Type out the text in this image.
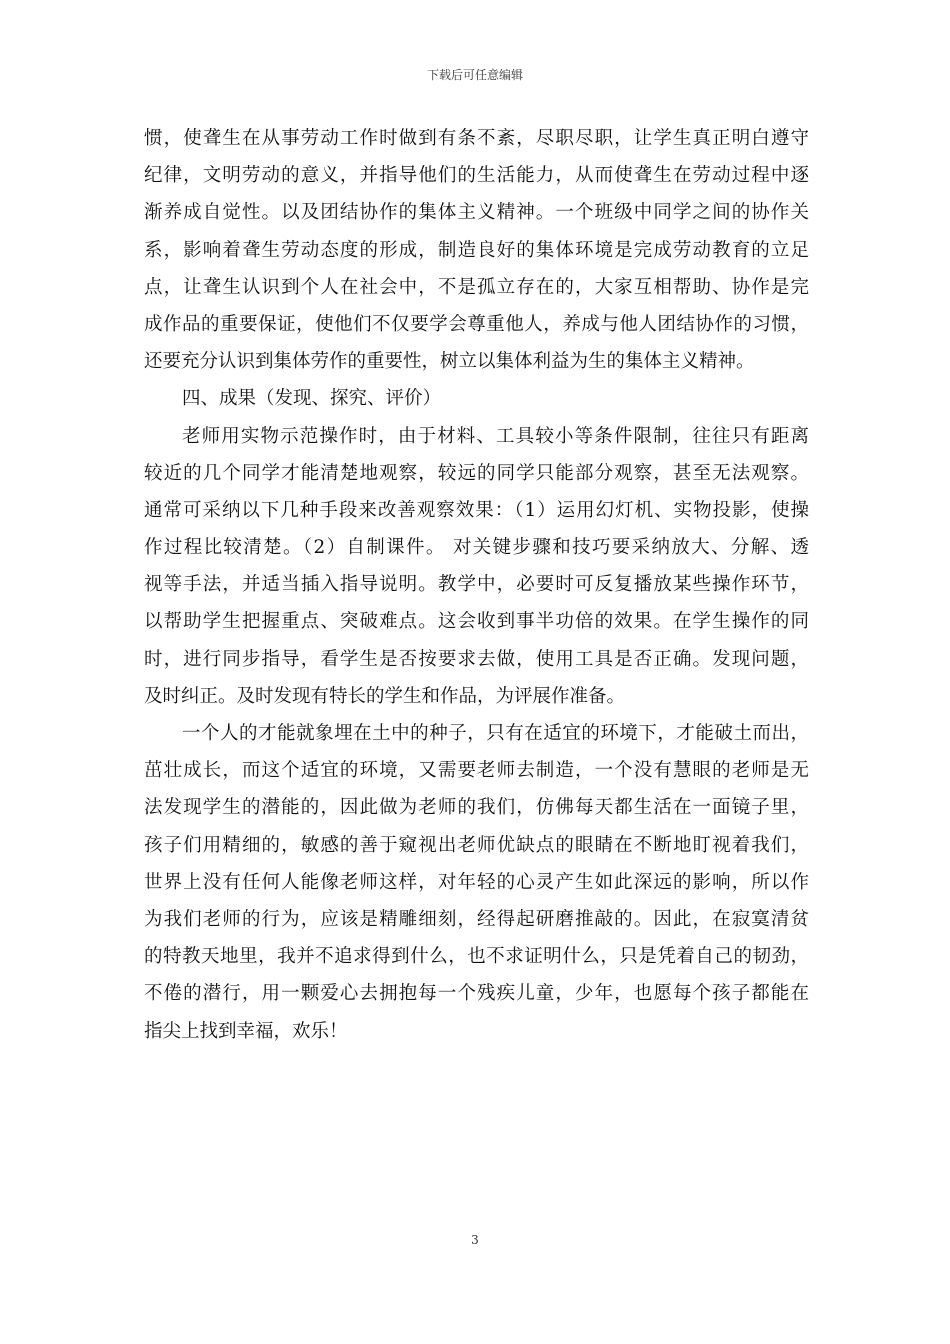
下载后可任意编辑
惯，使聋生在从事劳动工作时做到有条不紊，尽职尽职，让学生真正明白遵守
纪律，文明劳动的意义，并指导他们的生活能力，从而使聋生在劳动过程中逐
渐养成自觉性。以及团结协作的集体主义精神。一个班级中同学之间的协作关
系，影响着聋生劳动态度的形成，制造良好的集体环境是完成劳动教育的立足
点，让聋生认识到个人在社会中，不是孤立存在的，大家互相帮助、协作是完
成作品的重要保证，使他们不仅要学会尊重他人，养成与他人团结协作的习惯，
还要充分认识到集体劳作的重要性，树立以集体利益为生的集体主义精神。
四、成果（发现、探究、评价）
老师用实物示范操作时，由于材料、工具较小等条件限制，往往只有距离
较近的几个同学才能清楚地观察，较远的同学只能部分观察，甚至无法观察。
通常可采纳以下几种手段来改善观察效果：（1）运用幻灯机、实物投影，使操
作过程比较清楚。（2）自制课件。 对关键步骤和技巧要采纳放大、分解、透
视等手法，并适当插入指导说明。教学中，必要时可反复播放某些操作环节，
以帮助学生把握重点、突破难点。这会收到事半功倍的效果。在学生操作的同
时，进行同步指导，看学生是否按要求去做，使用工具是否正确。发现问题，
及时纠正。及时发现有特长的学生和作品，为评展作准备。
一个人的才能就象埋在土中的种子，只有在适宜的环境下，才能破土而出，
茁壮成长，而这个适宜的环境，又需要老师去制造，一个没有慧眼的老师是无
法发现学生的潜能的，因此做为老师的我们，仿佛每天都生活在一面镜子里，
孩子们用精细的，敏感的善于窥视出老师优缺点的眼睛在不断地盯视着我们，
世界上没有任何人能像老师这样，对年轻的心灵产生如此深远的影响，所以作
为我们老师的行为，应该是精雕细刻，经得起研磨推敲的。因此，在寂寞清贫
的特教天地里，我并不追求得到什么，也不求证明什么，只是凭着自己的韧劲，
不倦的潜行，用一颗爱心去拥抱每一个残疾儿童，少年，也愿每个孩子都能在
指尖上找到幸福，欢乐！
3
